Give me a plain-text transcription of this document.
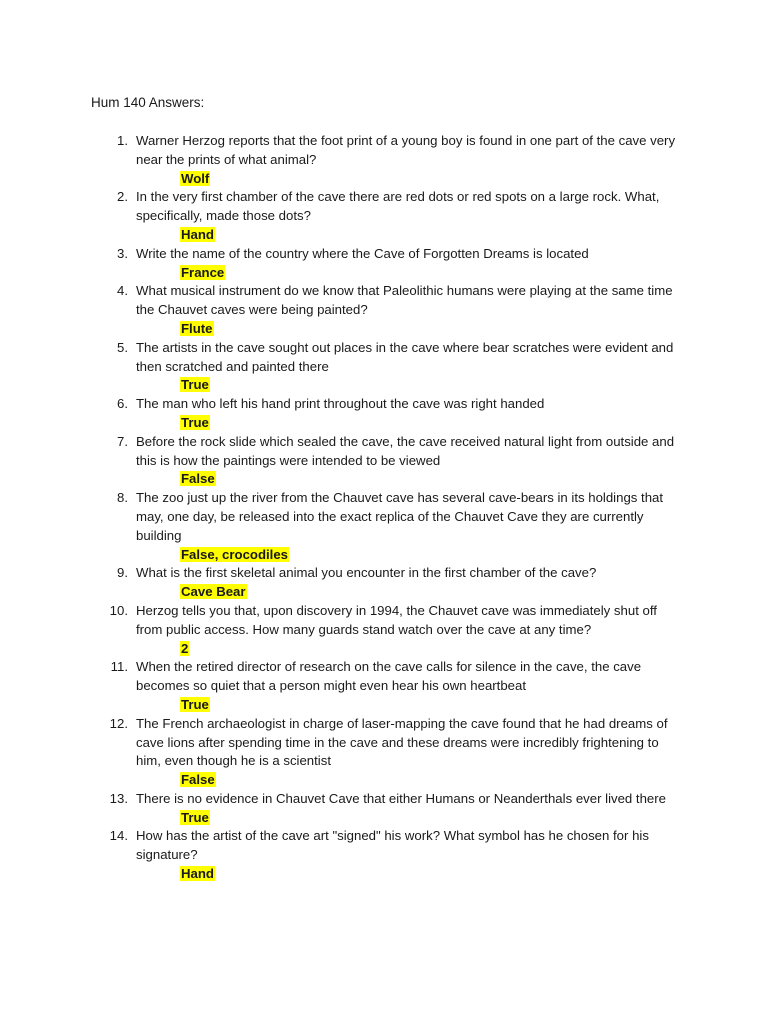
Hum 140 Answers:
1. Warner Herzog reports that the foot print of a young boy is found in one part of the cave very near the prints of what animal?
Wolf
2. In the very first chamber of the cave there are red dots or red spots on a large rock. What, specifically, made those dots?
Hand
3. Write the name of the country where the Cave of Forgotten Dreams is located
France
4. What musical instrument do we know that Paleolithic humans were playing at the same time the Chauvet caves were being painted?
Flute
5. The artists in the cave sought out places in the cave where bear scratches were evident and then scratched and painted there
True
6. The man who left his hand print throughout the cave was right handed
True
7. Before the rock slide which sealed the cave, the cave received natural light from outside and this is how the paintings were intended to be viewed
False
8. The zoo just up the river from the Chauvet cave has several cave-bears in its holdings that may, one day, be released into the exact replica of the Chauvet Cave they are currently building
False, crocodiles
9. What is the first skeletal animal you encounter in the first chamber of the cave?
Cave Bear
10. Herzog tells you that, upon discovery in 1994, the Chauvet cave was immediately shut off from public access. How many guards stand watch over the cave at any time?
2
11. When the retired director of research on the cave calls for silence in the cave, the cave becomes so quiet that a person might even hear his own heartbeat
True
12. The French archaeologist in charge of laser-mapping the cave found that he had dreams of cave lions after spending time in the cave and these dreams were incredibly frightening to him, even though he is a scientist
False
13. There is no evidence in Chauvet Cave that either Humans or Neanderthals ever lived there
True
14. How has the artist of the cave art "signed" his work? What symbol has he chosen for his signature?
Hand
